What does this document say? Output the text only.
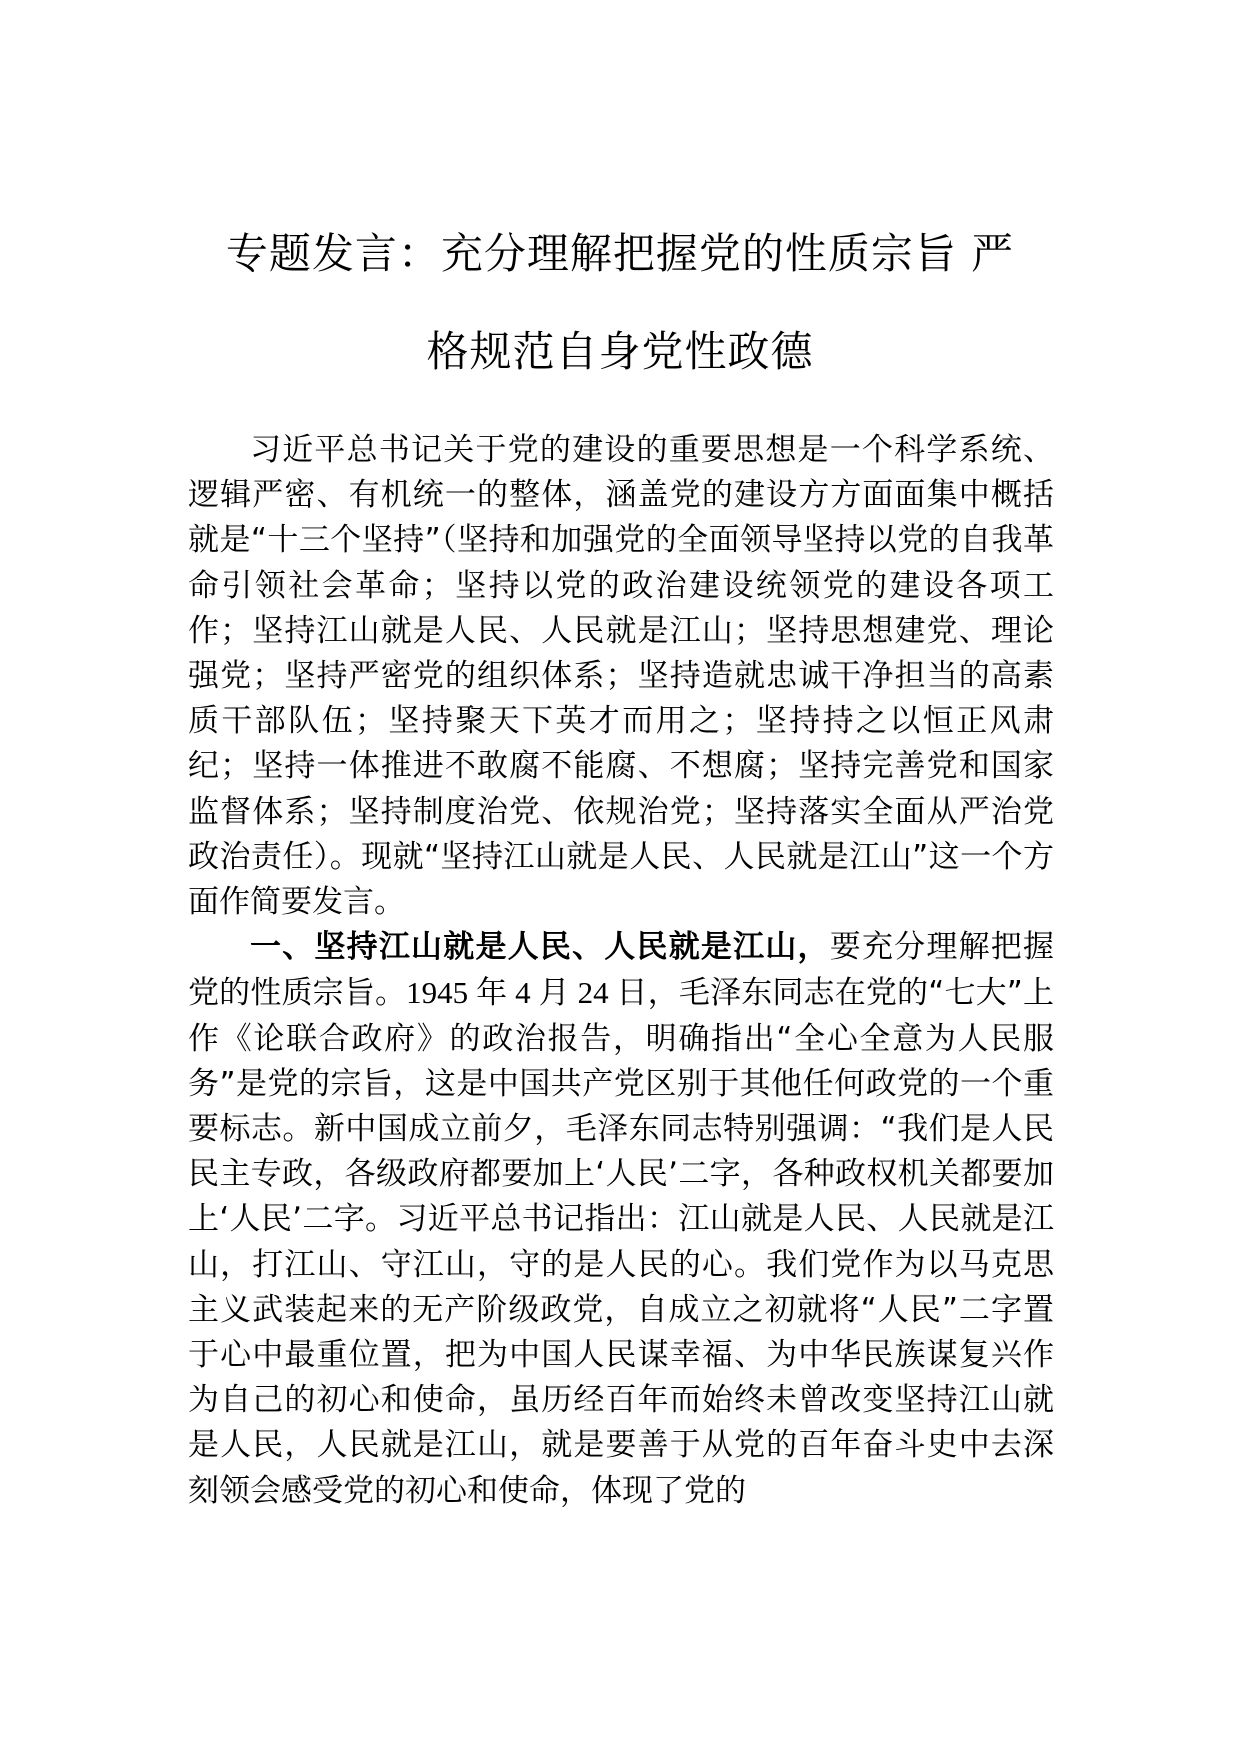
专题发言：充分理解把握党的性质宗旨 严
格规范自身党性政德

习近平总书记关于党的建设的重要思想是一个科学系统、逻辑严密、有机统一的整体，涵盖党的建设方方面面集中概括就是“十三个坚持”（坚持和加强党的全面领导坚持以党的自我革命引领社会革命；坚持以党的政治建设统领党的建设各项工作；坚持江山就是人民、人民就是江山；坚持思想建党、理论强党；坚持严密党的组织体系；坚持造就忠诚干净担当的高素质干部队伍；坚持聚天下英才而用之；坚持持之以恒正风肃纪；坚持一体推进不敢腐不能腐、不想腐；坚持完善党和国家监督体系；坚持制度治党、依规治党；坚持落实全面从严治党政治责任）。现就“坚持江山就是人民、人民就是江山”这一个方面作简要发言。

一、坚持江山就是人民、人民就是江山，要充分理解把握党的性质宗旨。1945 年 4 月 24 日，毛泽东同志在党的“七大”上作《论联合政府》的政治报告，明确指出“全心全意为人民服务”是党的宗旨，这是中国共产党区别于其他任何政党的一个重要标志。新中国成立前夕，毛泽东同志特别强调：“我们是人民民主专政，各级政府都要加上‘人民’二字，各种政权机关都要加上‘人民’二字。习近平总书记指出：江山就是人民、人民就是江山，打江山、守江山，守的是人民的心。我们党作为以马克思主义武装起来的无产阶级政党，自成立之初就将“人民”二字置于心中最重位置，把为中国人民谋幸福、为中华民族谋复兴作为自己的初心和使命，虽历经百年而始终未曾改变坚持江山就是人民，人民就是江山，就是要善于从党的百年奋斗史中去深刻领会感受党的初心和使命，体现了党的
